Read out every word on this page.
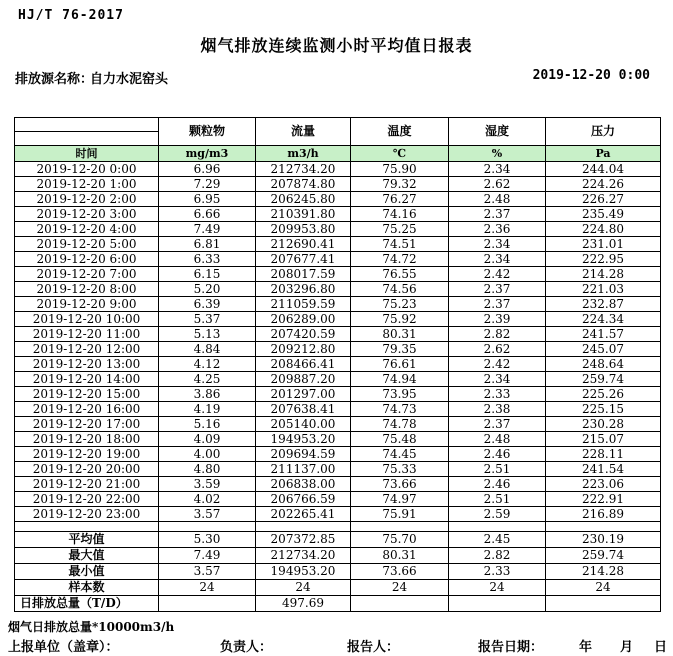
HJ/T 76-2017
烟气排放连续监测小时平均值日报表
排放源名称：
自力水泥窑头	2019-12-20 0:00
	颗粒物	流量	温度	湿度	压力

时间	mg/m3	m3/h	℃	%	Pa
2019-12-20 0:00	6.96	212734.20	75.90	2.34	244.04
2019-12-20 1:00	7.29	207874.80	79.32	2.62	224.26
2019-12-20 2:00	6.95	206245.80	76.27	2.48	226.27
2019-12-20 3:00	6.66	210391.80	74.16	2.37	235.49
2019-12-20 4:00	7.49	209953.80	75.25	2.36	224.80
2019-12-20 5:00	6.81	212690.41	74.51	2.34	231.01
2019-12-20 6:00	6.33	207677.41	74.72	2.34	222.95
2019-12-20 7:00	6.15	208017.59	76.55	2.42	214.28
2019-12-20 8:00	5.20	203296.80	74.56	2.37	221.03
2019-12-20 9:00	6.39	211059.59	75.23	2.37	232.87
2019-12-20 10:00	5.37	206289.00	75.92	2.39	224.34
2019-12-20 11:00	5.13	207420.59	80.31	2.82	241.57
2019-12-20 12:00	4.84	209212.80	79.35	2.62	245.07
2019-12-20 13:00	4.12	208466.41	76.61	2.42	248.64
2019-12-20 14:00	4.25	209887.20	74.94	2.34	259.74
2019-12-20 15:00	3.86	201297.00	73.95	2.33	225.26
2019-12-20 16:00	4.19	207638.41	74.73	2.38	225.15
2019-12-20 17:00	5.16	205140.00	74.78	2.37	230.28
2019-12-20 18:00	4.09	194953.20	75.48	2.48	215.07
2019-12-20 19:00	4.00	209694.59	74.45	2.46	228.11
2019-12-20 20:00	4.80	211137.00	75.33	2.51	241.54
2019-12-20 21:00	3.59	206838.00	73.66	2.46	223.06
2019-12-20 22:00	4.02	206766.59	74.97	2.51	222.91
2019-12-20 23:00	3.57	202265.41	75.91	2.59	216.89

平均值	5.30	207372.85	75.70	2.45	230.19
最大值	7.49	212734.20	80.31	2.82	259.74
最小值	3.57	194953.20	73.66	2.33	214.28
样本数	24	24	24	24	24
日排放总量（T/D）		497.69			
烟气日排放总量*10000m3/h
上报单位（盖章）：	负责人：	报告人：	报告日期：	年 月 日
